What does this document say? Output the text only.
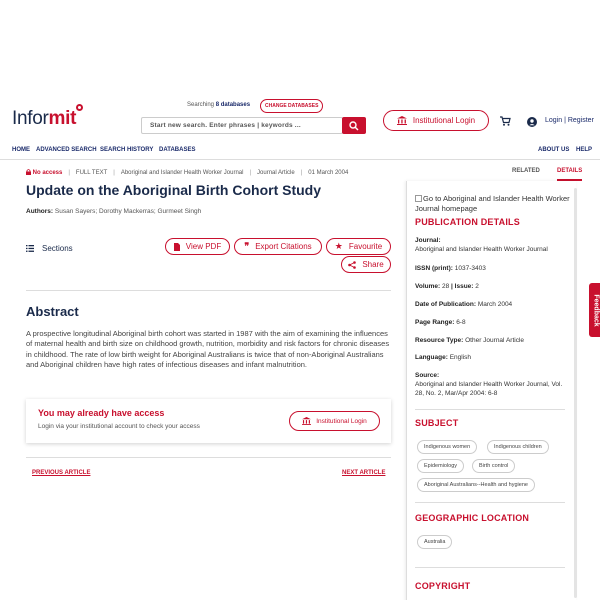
Informit
Searching 8 databases	CHANGE DATABASES
Start new search. Enter phrases | keywords ...
Institutional Login	Login | Register
HOME ADVANCED SEARCH SEARCH HISTORY DATABASES	ABOUT US HELP
No access | FULL TEXT | Aboriginal and Islander Health Worker Journal | Journal Article | 01 March 2004
Update on the Aboriginal Birth Cohort Study
Authors: Susan Sayers; Dorothy Mackerras; Gurmeet Singh
Sections	View PDF	❞ Export Citations	★ Favourite
Share
Abstract
A prospective longitudinal Aboriginal birth cohort was started in 1987 with the aim of examining the influences of maternal health and birth size on childhood growth, nutrition, morbidity and risk factors for chronic diseases in childhood. The rate of low birth weight for Aboriginal Australians is twice that of non-Aboriginal Australians and Aboriginal children have high rates of infectious diseases and infant malnutrition.
You may already have access
Login via your institutional account to check your access
Institutional Login
PREVIOUS ARTICLE	NEXT ARTICLE
RELATED	DETAILS
Go to Aboriginal and Islander Health Worker Journal homepage
PUBLICATION DETAILS
Journal:
Aboriginal and Islander Health Worker Journal
ISSN (print): 1037-3403
Volume: 28 | Issue: 2
Date of Publication: March 2004
Page Range: 6-8
Resource Type: Other Journal Article
Language: English
Source:
Aboriginal and Islander Health Worker Journal, Vol. 28, No. 2, Mar/Apr 2004: 6-8
SUBJECT
Indigenous women	Indigenous children
Epidemiology	Birth control
Aboriginal Australians--Health and hygiene
GEOGRAPHIC LOCATION
Australia
COPYRIGHT
Feedback
